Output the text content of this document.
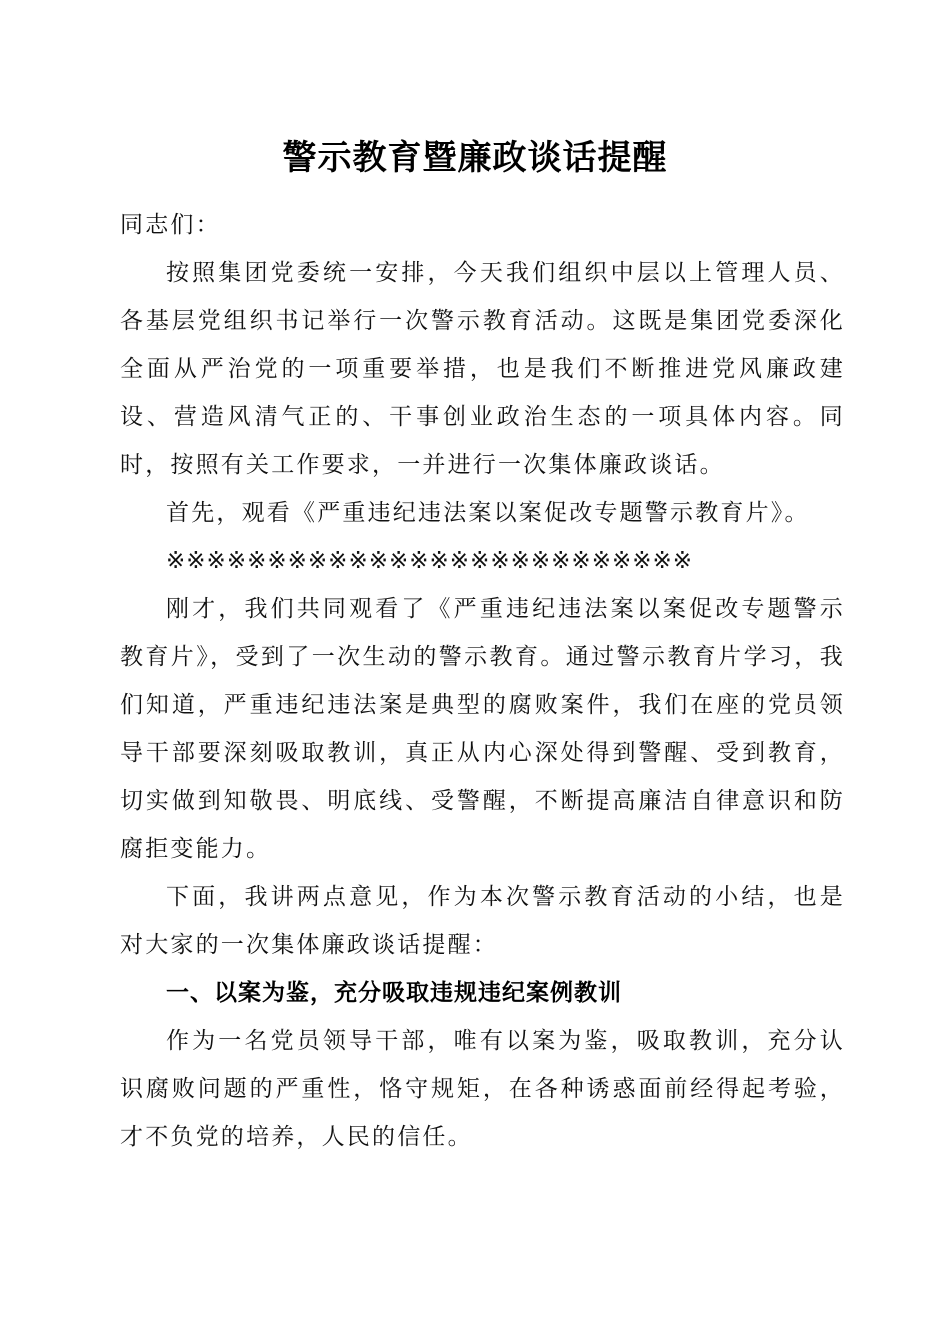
警示教育暨廉政谈话提醒

同志们：

按照集团党委统一安排，今天我们组织中层以上管理人员、各基层党组织书记举行一次警示教育活动。这既是集团党委深化全面从严治党的一项重要举措，也是我们不断推进党风廉政建设、营造风清气正的、干事创业政治生态的一项具体内容。同时，按照有关工作要求，一并进行一次集体廉政谈话。

首先，观看《严重违纪违法案以案促改专题警示教育片》。

※※※※※※※※※※※※※※※※※※※※※※※※※※

刚才，我们共同观看了《严重违纪违法案以案促改专题警示教育片》，受到了一次生动的警示教育。通过警示教育片学习，我们知道，严重违纪违法案是典型的腐败案件，我们在座的党员领导干部要深刻吸取教训，真正从内心深处得到警醒、受到教育，切实做到知敬畏、明底线、受警醒，不断提高廉洁自律意识和防腐拒变能力。

下面，我讲两点意见，作为本次警示教育活动的小结，也是对大家的一次集体廉政谈话提醒：

一、以案为鉴，充分吸取违规违纪案例教训

作为一名党员领导干部，唯有以案为鉴，吸取教训，充分认识腐败问题的严重性，恪守规矩，在各种诱惑面前经得起考验，才不负党的培养，人民的信任。
